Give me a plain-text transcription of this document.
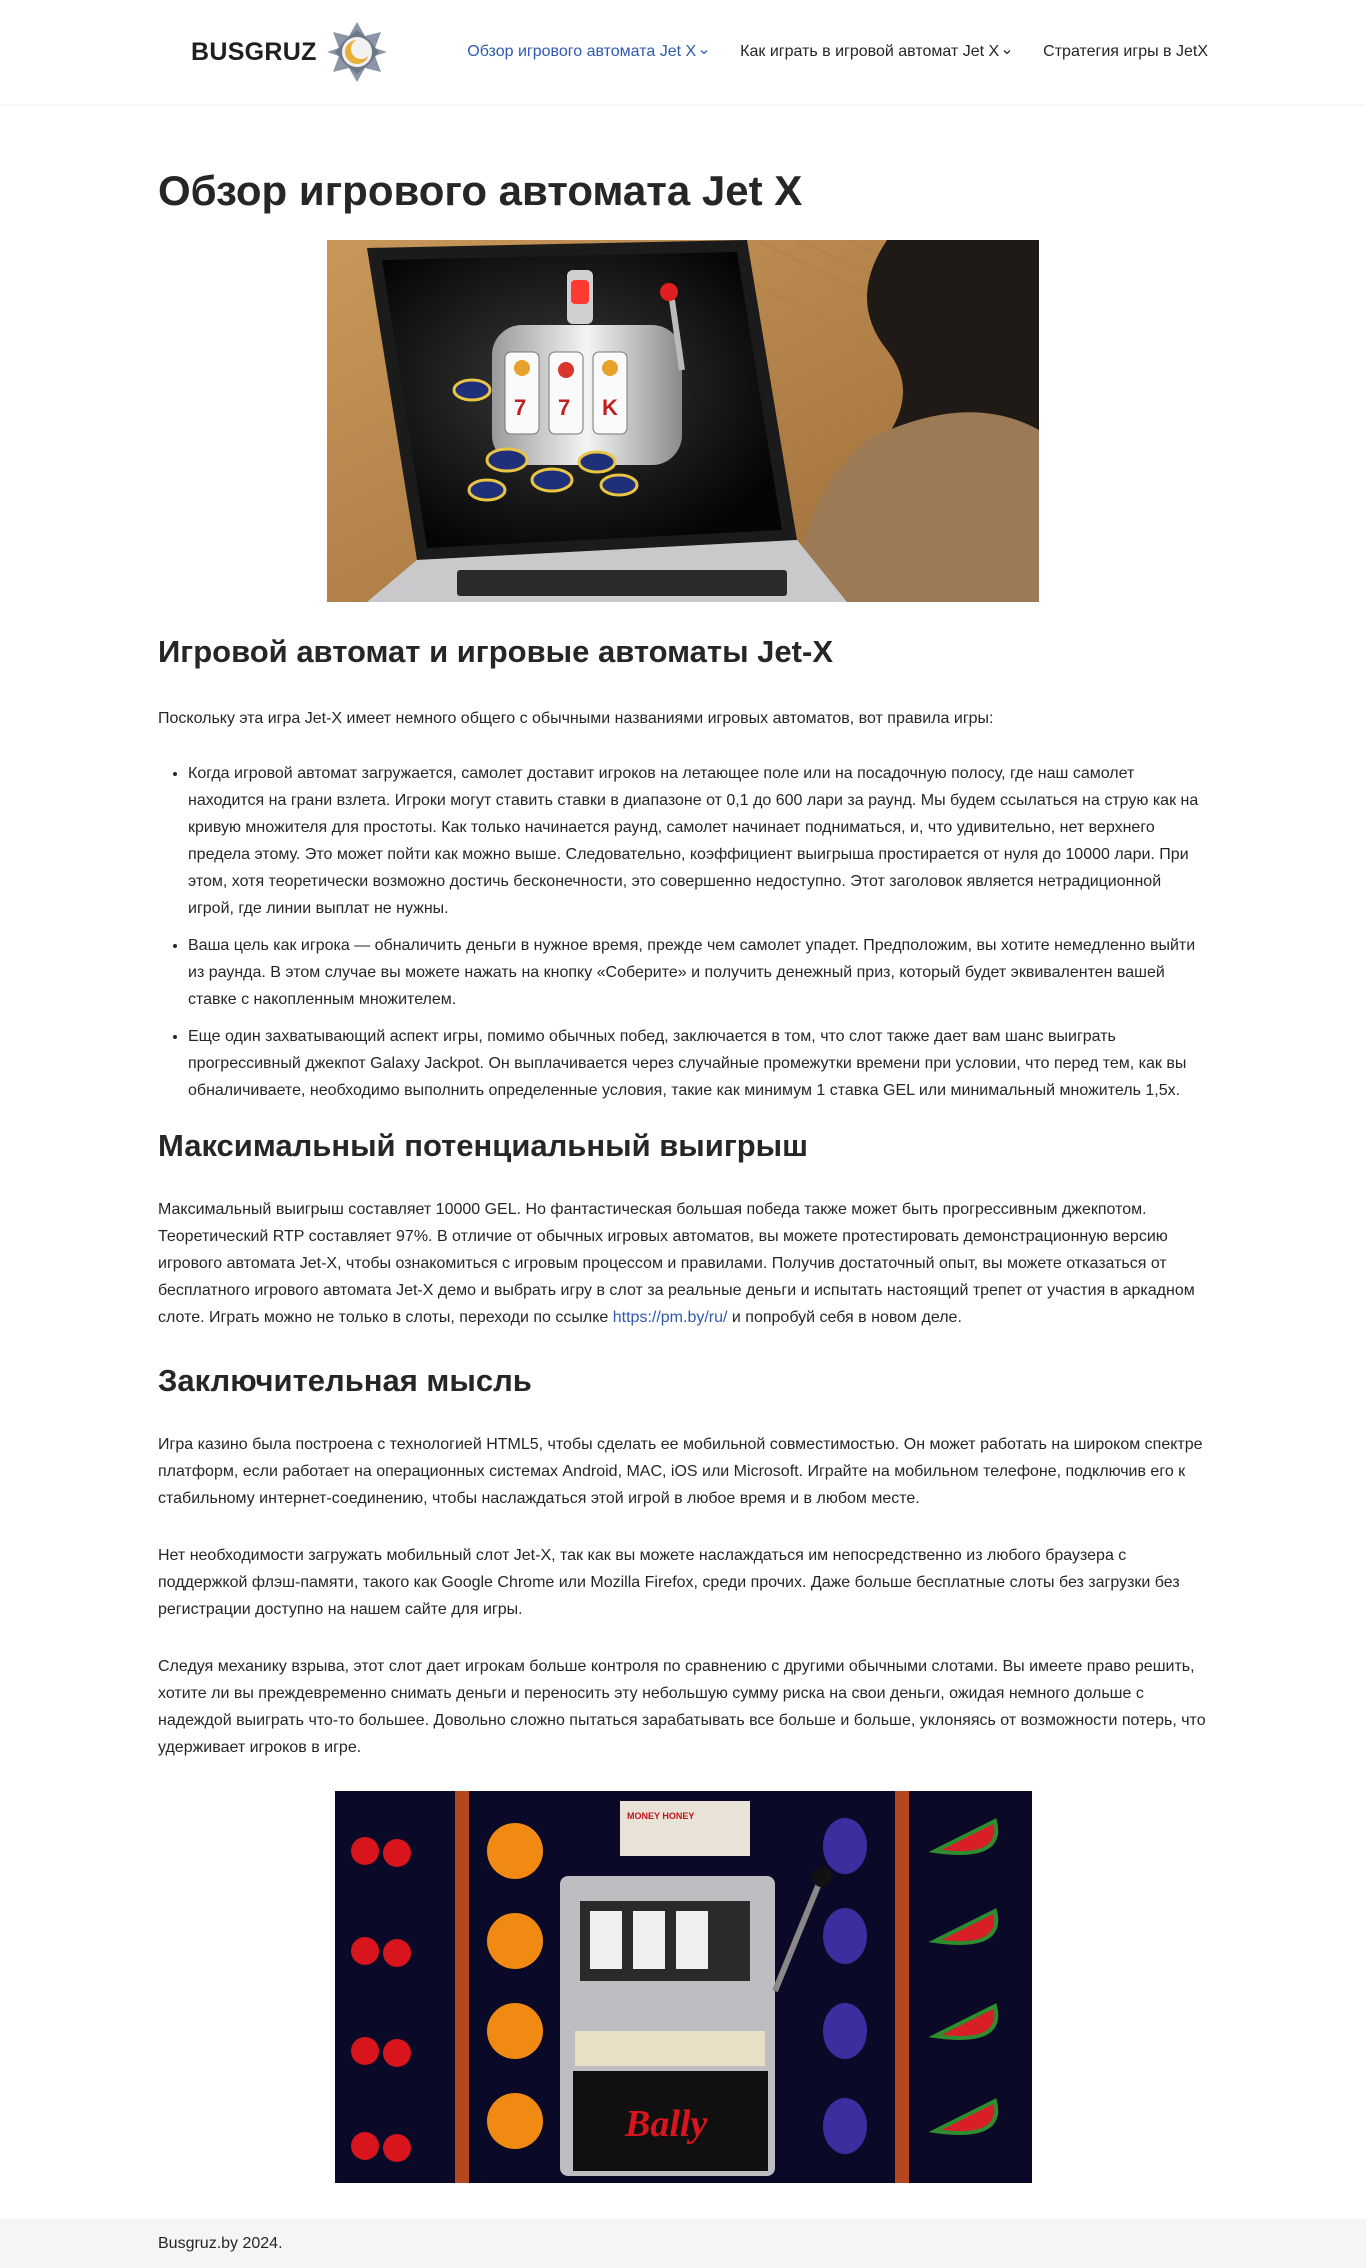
BUSGRUZ	Обзор игрового автомата Jet X	Как играть в игровой автомат Jet X	Стратегия игры в JetX
Обзор игрового автомата Jet X
7 7 K
Игровой автомат и игровые автоматы Jet-X

Поскольку эта игра Jet-X имеет немного общего с обычными названиями игровых автоматов, вот правила игры:

• Когда игровой автомат загружается, самолет доставит игроков на летающее поле или на посадочную полосу, где наш самолет находится на грани взлета. Игроки могут ставить ставки в диапазоне от 0,1 до 600 лари за раунд. Мы будем ссылаться на струю как на кривую множителя для простоты. Как только начинается раунд, самолет начинает подниматься, и, что удивительно, нет верхнего предела этому. Это может пойти как можно выше. Следовательно, коэффициент выигрыша простирается от нуля до 10000 лари. При этом, хотя теоретически возможно достичь бесконечности, это совершенно недоступно. Этот заголовок является нетрадиционной игрой, где линии выплат не нужны.
• Ваша цель как игрока — обналичить деньги в нужное время, прежде чем самолет упадет. Предположим, вы хотите немедленно выйти из раунда. В этом случае вы можете нажать на кнопку «Соберите» и получить денежный приз, который будет эквивалентен вашей ставке с накопленным множителем.
• Еще один захватывающий аспект игры, помимо обычных побед, заключается в том, что слот также дает вам шанс выиграть прогрессивный джекпот Galaxy Jackpot. Он выплачивается через случайные промежутки времени при условии, что перед тем, как вы обналичиваете, необходимо выполнить определенные условия, такие как минимум 1 ставка GEL или минимальный множитель 1,5х.
Максимальный потенциальный выигрыш

Максимальный выигрыш составляет 10000 GEL. Но фантастическая большая победа также может быть прогрессивным джекпотом. Теоретический RTP составляет 97%. В отличие от обычных игровых автоматов, вы можете протестировать демонстрационную версию игрового автомата Jet-X, чтобы ознакомиться с игровым процессом и правилами. Получив достаточный опыт, вы можете отказаться от бесплатного игрового автомата Jet-X демо и выбрать игру в слот за реальные деньги и испытать настоящий трепет от участия в аркадном слоте. Играть можно не только в слоты, переходи по ссылке https://pm.by/ru/ и попробуй себя в новом деле.

Заключительная мысль

Игра казино была построена с технологией HTML5, чтобы сделать ее мобильной совместимостью. Он может работать на широком спектре платформ, если работает на операционных системах Android, MAC, iOS или Microsoft. Играйте на мобильном телефоне, подключив его к стабильному интернет-соединению, чтобы наслаждаться этой игрой в любое время и в любом месте.

Нет необходимости загружать мобильный слот Jet-X, так как вы можете наслаждаться им непосредственно из любого браузера с поддержкой флэш-памяти, такого как Google Chrome или Mozilla Firefox, среди прочих. Даже больше бесплатные слоты без загрузки без регистрации доступно на нашем сайте для игры.

Следуя механику взрыва, этот слот дает игрокам больше контроля по сравнению с другими обычными слотами. Вы имеете право решить, хотите ли вы преждевременно снимать деньги и переносить эту небольшую сумму риска на свои деньги, ожидая немного дольше с надеждой выиграть что-то большее. Довольно сложно пытаться зарабатывать все больше и больше, уклоняясь от возможности потерь, что удерживает игроков в игре.

MONEY HONEY
Bally
Busgruz.by 2024.
